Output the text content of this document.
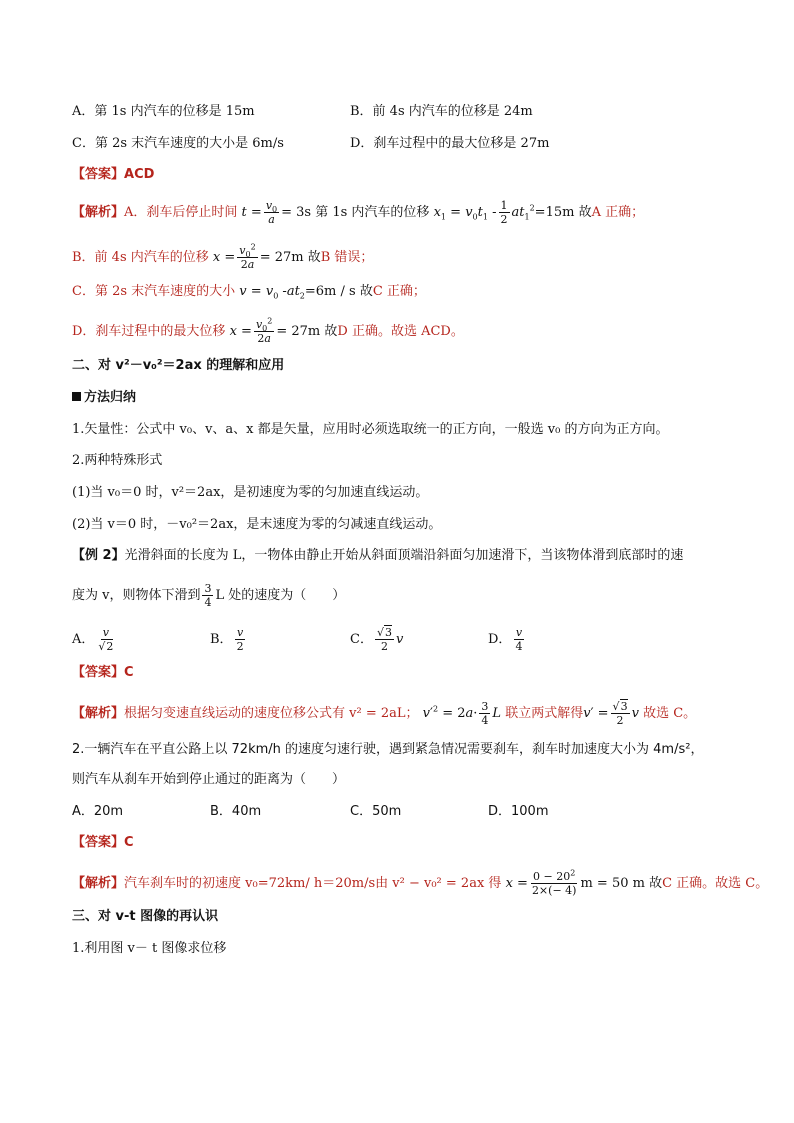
A．第 1s 内汽车的位移是 15m	B．前 4s 内汽车的位移是 24m
C．第 2s 末汽车速度的大小是 6m/s	D．刹车过程中的最大位移是 27m
【答案】ACD
【解析】A．刹车后停止时间 $t = \frac{v_0}{a} = 3s$ 第 1s 内汽车的位移 $x_1 = v_0t_1 - \frac{1}{2} at_1^2=15m$ 故A 正确；
B．前 4s 内汽车的位移 $x = \frac{v_0^2}{2a} = 27m$ 故B 错误；
C．第 2s 末汽车速度的大小 $v = v_0$ $-at_2=6m / s$ 故C 正确；
D．刹车过程中的最大位移 $x = \frac{v_0^2}{2a} = 27m$ 故D 正确。故选 ACD。
二、对 v²－v₀²＝2ax 的理解和应用
方法归纳
1.矢量性：公式中 v₀、v、a、x 都是矢量，应用时必须选取统一的正方向，一般选 v₀ 的方向为正方向。
2.两种特殊形式
(1)当 v₀＝0 时，v²＝2ax，是初速度为零的匀加速直线运动。
(2)当 v＝0 时，－v₀²＝2ax，是末速度为零的匀减速直线运动。
【例 2】光滑斜面的长度为 L，一物体由静止开始从斜面顶端沿斜面匀加速滑下，当该物体滑到底部时的速
度为 v，则物体下滑到 $\frac{3}{4}$ L 处的速度为（　　）
A． $\frac{v}{√2}$	B． $\frac{v}{2}$	C． $\frac{√3}{2}$ v	D． $\frac{v}{4}$
【答案】C
【解析】根据匀变速直线运动的速度位移公式有 v² = 2aL； $v'^2 = 2a\cdot \frac{3}{4}$ L 联立两式解得$v' = \frac{√3}{2}$ v 故选 C。
2.一辆汽车在平直公路上以 72km/h 的速度匀速行驶，遇到紧急情况需要刹车，刹车时加速度大小为 4m/s²，
则汽车从刹车开始到停止通过的距离为（　　）
A．20m	B．40m	C．50m	D．100m
【答案】C
【解析】汽车刹车时的初速度 v₀=72km/ h＝20m/s由 v² − v₀² = 2ax 得 $x = \frac{0 - 20^2}{2\times(- 4)}$ m = 50 m 故C 正确。故选 C。
三、对 v-t 图像的再认识
1.利用图 v－ t 图像求位移
